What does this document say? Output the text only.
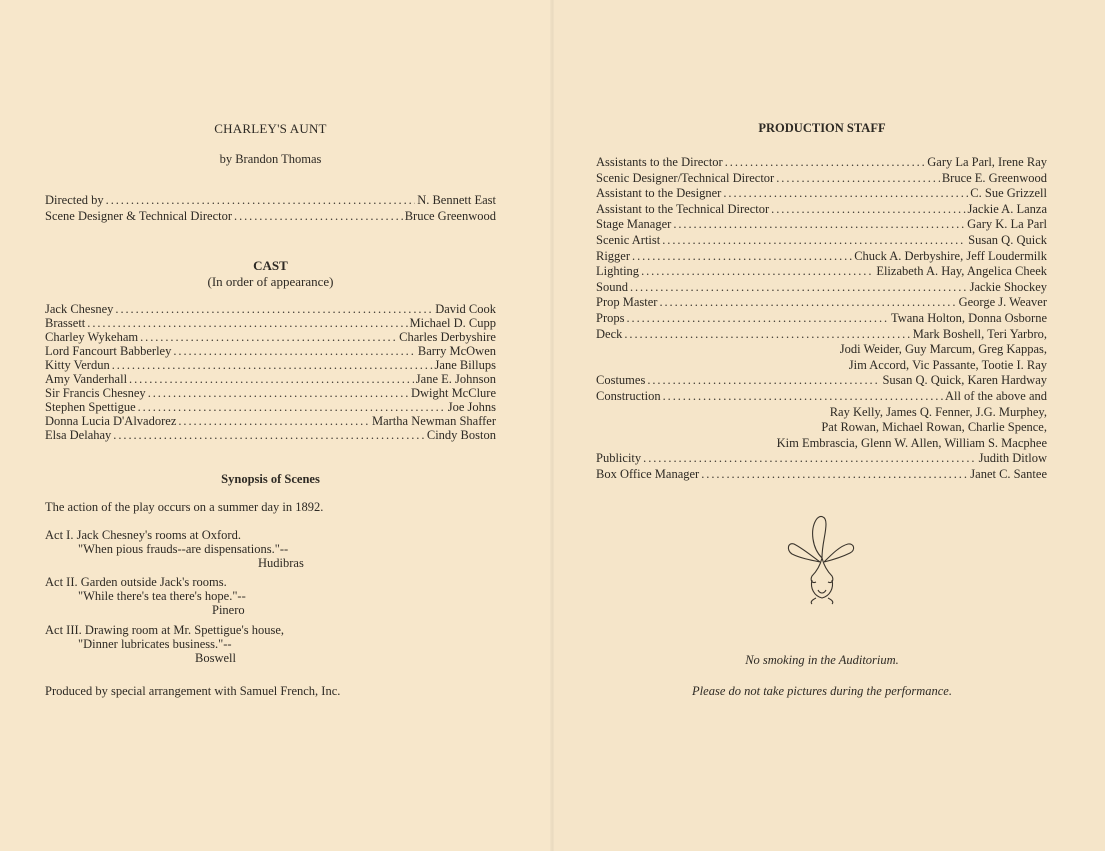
CHARLEY'S AUNT
by Brandon Thomas
Directed by . . .	N. Bennett East
Scene Designer & Technical Director . . .	Bruce Greenwood
CAST
(In order of appearance)
Jack Chesney . . .	David Cook
Brassett . . .	Michael D. Cupp
Charley Wykeham . . .	Charles Derbyshire
Lord Fancourt Babberley . . .	Barry McOwen
Kitty Verdun . . .	Jane Billups
Amy Vanderhall . . .	Jane E. Johnson
Sir Francis Chesney . . .	Dwight McClure
Stephen Spettigue . . .	Joe Johns
Donna Lucia D'Alvadorez . . .	Martha Newman Shaffer
Elsa Delahay . . .	Cindy Boston
Synopsis of Scenes
The action of the play occurs on a summer day in 1892.
Act I. Jack Chesney's rooms at Oxford.
"When pious frauds--are dispensations."--
Hudibras
Act II. Garden outside Jack's rooms.
"While there's tea there's hope."--
Pinero
Act III. Drawing room at Mr. Spettigue's house,
"Dinner lubricates business."--
Boswell
Produced by special arrangement with Samuel French, Inc.
PRODUCTION STAFF
Assistants to the Director . . .	Gary La Parl, Irene Ray
Scenic Designer/Technical Director . . .	Bruce E. Greenwood
Assistant to the Designer . . .	C. Sue Grizzell
Assistant to the Technical Director . . .	Jackie A. Lanza
Stage Manager . . .	Gary K. La Parl
Scenic Artist . . .	Susan Q. Quick
Rigger . . .	Chuck A. Derbyshire, Jeff Loudermilk
Lighting . . .	Elizabeth A. Hay, Angelica Cheek
Sound . . .	Jackie Shockey
Prop Master . . .	George J. Weaver
Props . . .	Twana Holton, Donna Osborne
Deck . . .	Mark Boshell, Teri Yarbro,
Jodi Weider, Guy Marcum, Greg Kappas,
Jim Accord, Vic Passante, Tootie I. Ray
Costumes . . .	Susan Q. Quick, Karen Hardway
Construction . . .	All of the above and
Ray Kelly, James Q. Fenner, J.G. Murphey,
Pat Rowan, Michael Rowan, Charlie Spence,
Kim Embrascia, Glenn W. Allen, William S. Macphee
Publicity . . .	Judith Ditlow
Box Office Manager . . .	Janet C. Santee
No smoking in the Auditorium.
Please do not take pictures during the performance.
